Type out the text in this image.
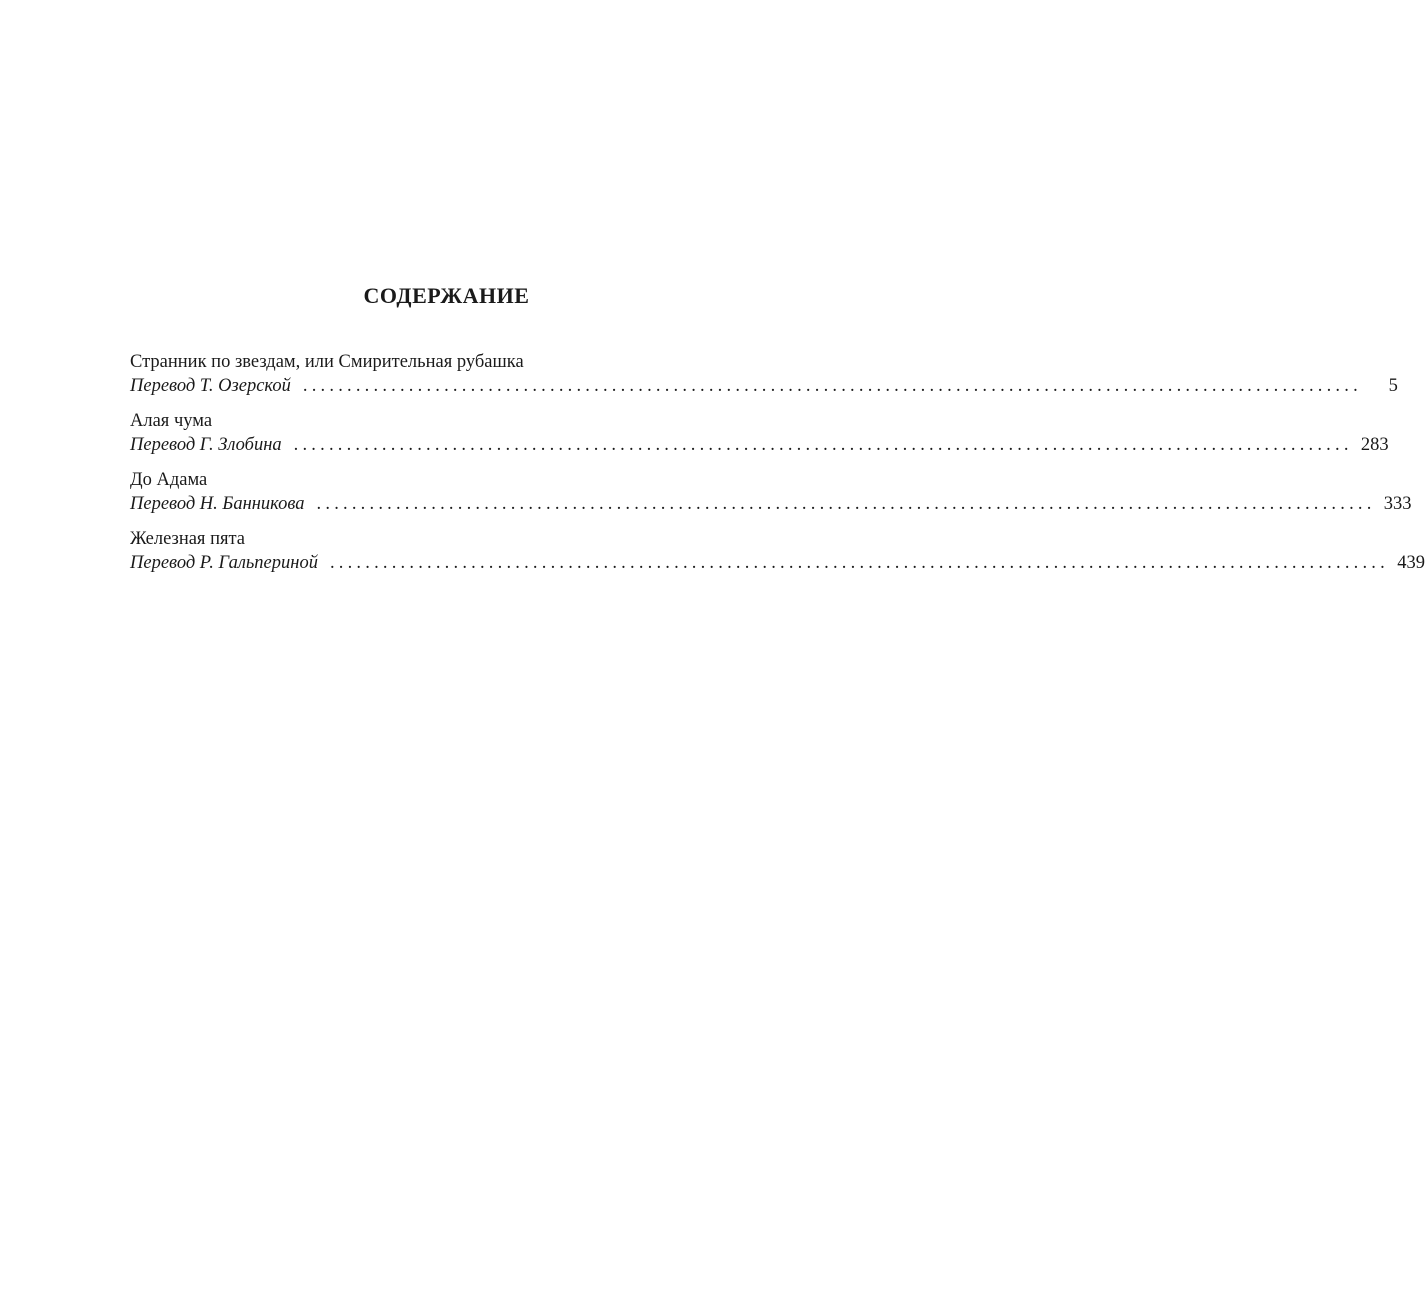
СОДЕРЖАНИЕ
Странник по звездам, или Смирительная рубашка
Перевод Т. Озерской ........................................................................................................................	5
Алая чума
Перевод Г. Злобина ........................................................................................................................ 283
До Адама
Перевод Н. Банникова ........................................................................................................................ 333
Железная пята
Перевод Р. Гальпериной ........................................................................................................................ 439
